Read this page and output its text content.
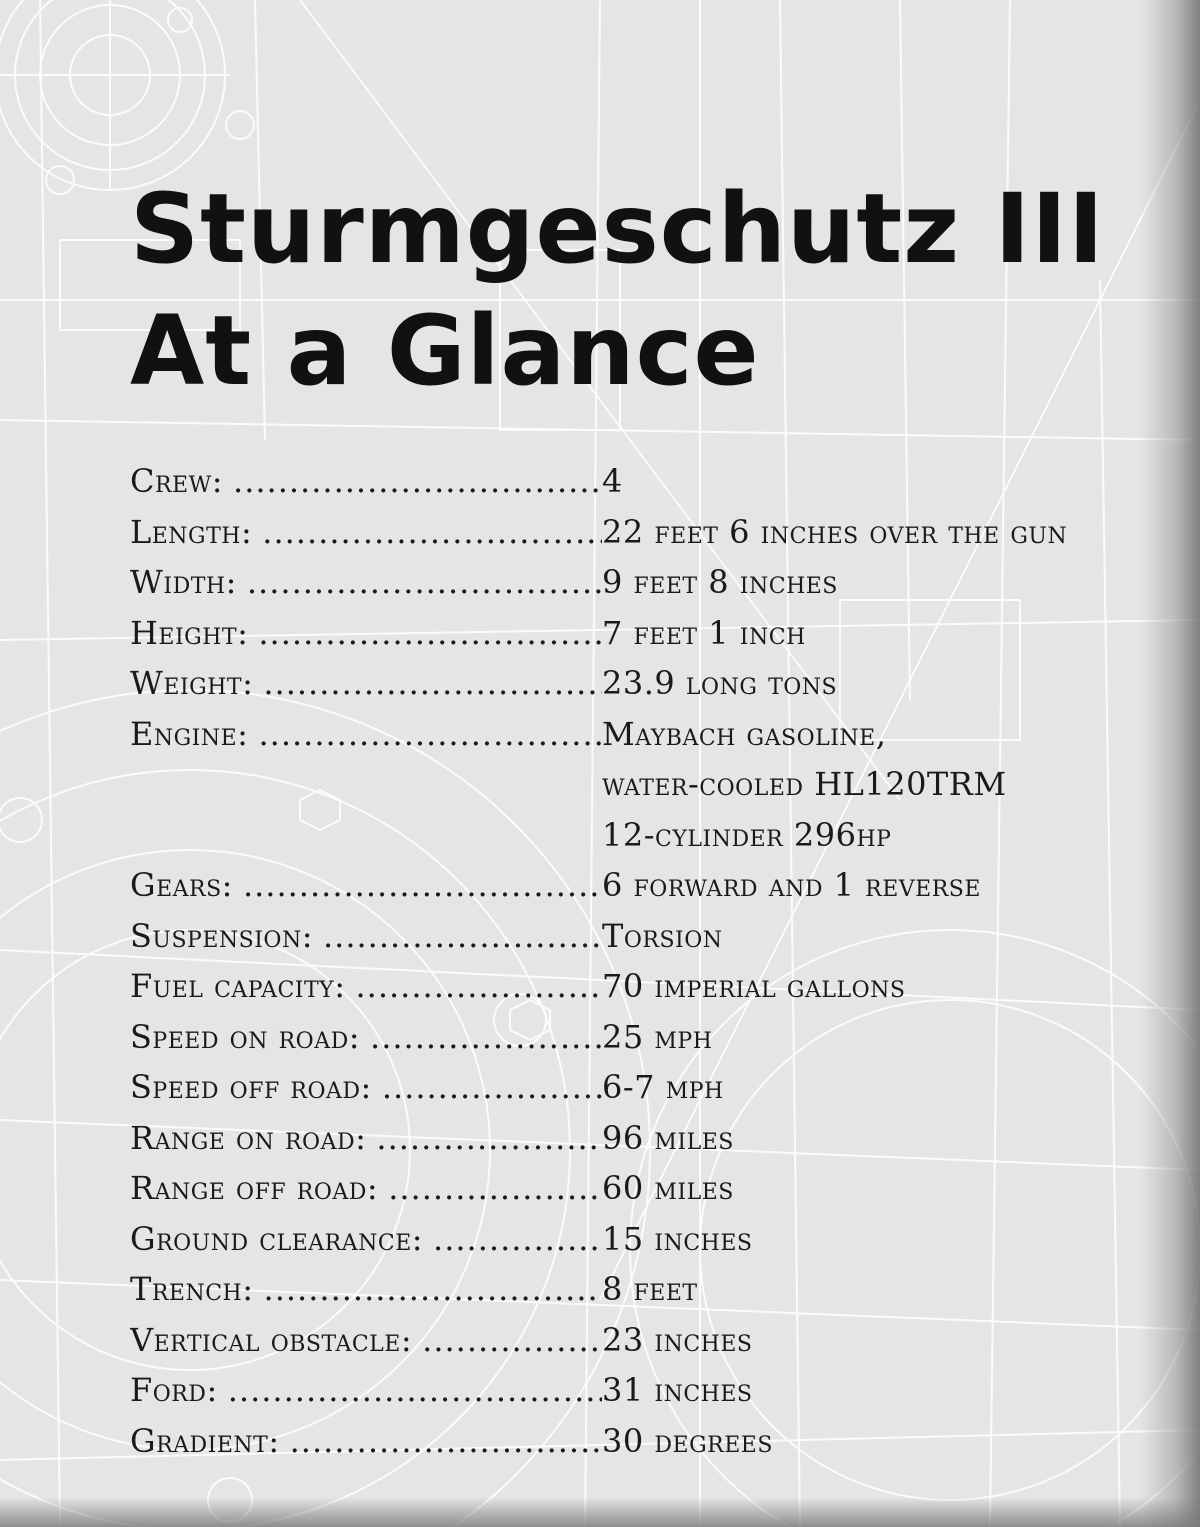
Sturmgeschutz III
At a Glance
Crew: .....	4
Length: .....	22 feet 6 inches over the gun
Width: .....	9 feet 8 inches
Height: .....	7 feet 1 inch
Weight: .....	23.9 long tons
Engine: .....	Maybach gasoline,
water-cooled HL120TRM
12-cylinder 296hp
Gears: .....	6 forward and 1 reverse
Suspension: .....	Torsion
Fuel capacity: .....	70 imperial gallons
Speed on road: .....	25 mph
Speed off road: .....	6-7 mph
Range on road: .....	96 miles
Range off road: .....	60 miles
Ground clearance: .....	15 inches
Trench: .....	8 feet
Vertical obstacle: .....	23 inches
Ford: .....	31 inches
Gradient: .....	30 degrees
